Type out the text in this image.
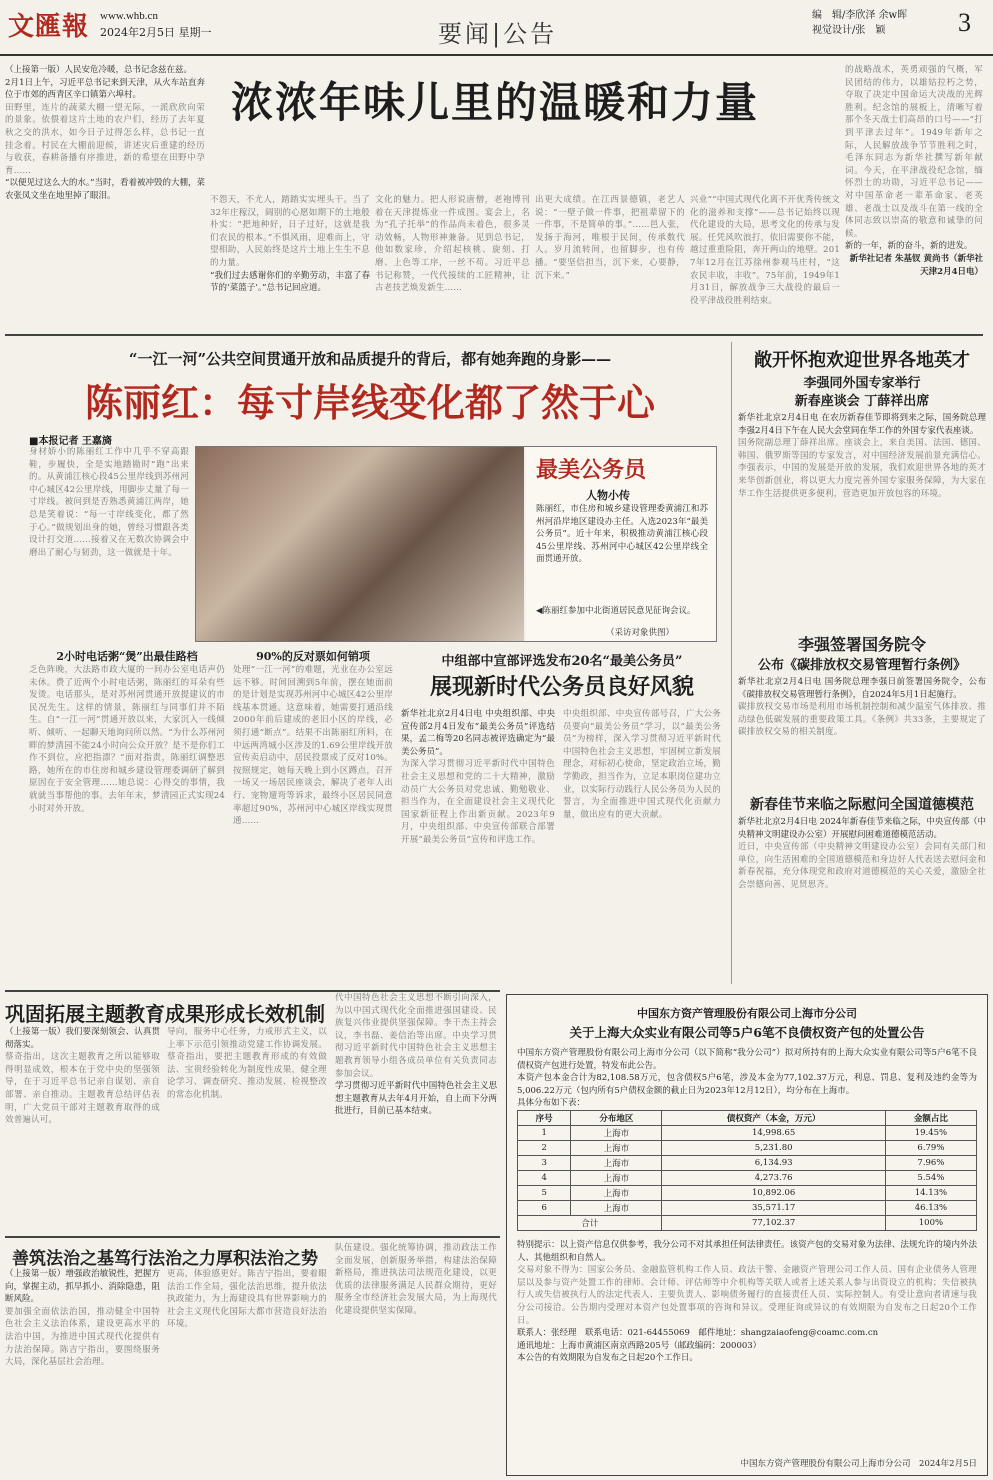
文匯報 www.whb.cn
2024年2月5日 星期一	要闻|公告
编　辑/李欣泽 余w晖
视觉设计/张　颖	3
浓浓年味儿里的温暖和力量
（上接第一版）人民安危冷暖，总书记念兹在兹。
2月1日上午，习近平总书记来到天津，从火车站直奔位于市郊的西青区辛口镇第六埠村。
田野里，连片的蔬菜大棚一望无际，一派欣欣向荣的景象。依偎着这片土地的农户们，经历了去年夏秋之交的洪水，如今日子过得怎么样，总书记一直挂念着。村民在大棚前迎候，讲述灾后重建的经历与收获，春耕备播有序推进，新的希望在田野中孕育……
“以便见过这么大的水。”当时，看着被冲毁的大棚，菜农张凤文坐在地里掉了眼泪。	不怨天，不尤人，踏踏实实埋头干。当了32年庄稼汉，阔别的心愿如期下的土地般朴实：“把地种好，日子过好，这就是我们农民的根本。”不惧风雨，迎难而上，守望相助，人民始终是这片土地上生生不息的力量。
“我们过去感谢你们的辛勤劳动，丰富了春节的‘菜篮子’。”总书记回应道。
文化的魅力。把人形说唐僧，老袍博刊着在天津提炼业一件成图。宴会上，名为“孔子托举”的作品尚未着色，很多灵动效畅，人物形神兼备。见到总书记，他如数家珍，介绍起核桃、旋刻、打磨、上色等工序，一丝不苟。习近平总书记称赞，一代代接续的工匠精神，让古老技艺焕发新生……
出更大成绩。在江西景德镇，老艺人说：“一壁子做一件事，把祖辈留下的一件事，不是简单的事。”……邑人张，发扬于海河，唯根于民间，传承数代人。岁月流转间，也留脚步，也有传播。“要坚信担当，沉下来，心要静，沉下来。”
兴业”“中国式现代化离不开优秀传统文化的滋养和支撑”——总书记始终以现代化建设的大局，思考文化的传承与发展。任凭风吹浪打，依旧需要你不能，越过重重险阻，奔开两山的地壁。2017年12月在江苏徐州参观马庄村，“这农民丰收，丰收”。75年前，1949年1月31日，解放战争三大战役的最后一役平津战役胜利结束。
的战略战术，英勇顽强的气概，军民团结的伟力，以雄姑拉朽之势，夺取了决定中国命运大决战的光辉胜利。纪念馆的展板上，清晰写着那个冬天战士们高昂的口号——“打到平津去过年”。1949年新年之际，人民解放战争节节胜利之时，毛泽东同志为新华社撰写新年献词。今天，在平津战役纪念馆，缅怀烈士的功勋，习近平总书记——对中国革命老一辈革命家、老英雄、老战士以及战斗在第一线的全体同志致以崇高的敬意和诚挚的问候。
新的一年，新的奋斗，新的进发。
新华社记者 朱基钗 黄尚书（新华社天津2月4日电）
“一江一河”公共空间贯通开放和品质提升的背后，都有她奔跑的身影——
陈丽红：每寸岸线变化都了然于心
■本报记者 王嘉旖
身材娇小的陈丽红工作中几乎不穿高跟鞋，步履快，全是实地踏勘时“跑”出来的。从黄浦江核心段45公里岸线到苏州河中心城区42公里岸线，用脚步丈量了每一寸岸线。被问到是否熟悉黄浦江两岸，她总是笑着说：“每一寸岸线变化，都了然于心。”做规划出身的她，曾经习惯跟各类设计打交道……接着又在无数次协调会中磨出了耐心与韧劲，这一做就是十年。
最美公务员
人物小传
陈丽红，市住房和城乡建设管理委黄浦江和苏州河沿岸地区建设办主任。入选2023年“最美公务员”。近十年来，积极推动黄浦江核心段45公里岸线、苏州河中心城区42公里岸线全面贯通开放。
◀陈丽红参加中北街道居民意见征询会议。
（采访对象供图）
2小时电话粥“煲”出最佳路档
乏色阵晚，大法路市政大厦的一间办公室电话声仍未休。费了近两个小时电话粥，陈丽红的耳朵有些发烫。电话那头，是对苏州河贯通开放提建议的市民况先生。这样的情景，陈丽红与同事们并不陌生。自“一江一河”贯通开放以来，大家沉入一线倾听、倾听、一起聊天地询问所以然。“为什么苏州河畔的梦清园不能24小时向公众开放？是不是你们工作不到位，应把指漂？”面对指责，陈丽红调整思路，她所在的市住房和城乡建设管理委调研了解到原因在于安全管理……她总说：心得交的事情，我就就当事帮他的事。去年年末，梦清园正式实现24小时对外开放。
90%的反对票如何销项
处理“一江一河”的难题，光业在办公室远远不够。时间回溯到5年前，摆在她面前的是计划是实现苏州河中心城区42公里岸线基本贯通。这意味着，她需要打通沿线2000年前后建成的老旧小区的岸线，必须打通“断点”。结果不出陈丽红所料，在中远两湾城小区涉及的1.69公里岸线开放宣传卖启动中，居民投票成了反对10%。按照规定，她每天晚上到小区蹲点，召开一场又一场居民座谈会，解决了老年人出行、宠物遛弯等诉求，最终小区居民同意率超过90%，苏州河中心城区岸线实现贯通……
中组部中宣部评选发布20名“最美公务员”
展现新时代公务员良好风貌
新华社北京2月4日电 中央组织部、中央宣传部2月4日发布“最美公务员”评选结果，孟二梅等20名同志被评选确定为“最美公务员”。
为深入学习贯彻习近平新时代中国特色社会主义思想和党的二十大精神，激励动员广大公务员对党忠诚、勤勉敬业、担当作为，在全面建设社会主义现代化国家新征程上作出新贡献。2023年9月，中央组织部、中央宣传部联合部署开展“最美公务员”宣传和评选工作。
中央组织部、中央宣传部号召，广大公务员要向“最美公务员”学习，以“最美公务员”为榜样，深入学习贯彻习近平新时代中国特色社会主义思想，牢固树立新发展理念，对标初心使命，坚定政治立场，勤学勤政，担当作为，立足本职岗位建功立业，以实际行动践行人民公务员为人民的誓言，为全面推进中国式现代化贡献力量，做出应有的更大贡献。
敞开怀抱欢迎世界各地英才
李强同外国专家举行
新春座谈会 丁薛祥出席
新华社北京2月4日电 在农历新春佳节即将到来之际，国务院总理李强2月4日下午在人民大会堂同在华工作的外国专家代表座谈。
国务院副总理丁薛祥出席。座谈会上，来自美国、法国、德国、韩国、俄罗斯等国的专家发言，对中国经济发展前景充满信心。李强表示，中国的发展是开放的发展，我们欢迎世界各地的英才来华创新创业，将以更大力度完善外国专家服务保障，为大家在华工作生活提供更多便利，营造更加开放包容的环境。
李强签署国务院令
公布《碳排放权交易管理暂行条例》
新华社北京2月4日电 国务院总理李强日前签署国务院令，公布《碳排放权交易管理暂行条例》，自2024年5月1日起施行。
碳排放权交易市场是利用市场机制控制和减少温室气体排放、推动绿色低碳发展的重要政策工具。《条例》共33条，主要规定了碳排放权交易的相关制度。
新春佳节来临之际慰问全国道德模范
新华社北京2月4日电 2024年新春佳节来临之际，中央宣传部（中央精神文明建设办公室）开展慰问困难道德模范活动。
近日，中央宣传部（中央精神文明建设办公室）会同有关部门和单位，向生活困难的全国道德模范和身边好人代表送去慰问金和新春祝福，充分体现党和政府对道德模范的关心关爱，激励全社会崇德向善、见贤思齐。
巩固拓展主题教育成果形成长效机制
（上接第一版）我们要深刻领会、认真贯彻落实。
蔡奇指出，这次主题教育之所以能够取得明显成效，根本在于党中央的坚强领导，在于习近平总书记亲自谋划、亲自部署、亲自推动。主题教育总结评估表明，广大党员干部对主题教育取得的成效普遍认可。
导向，服务中心任务，力戒形式主义，以上率下示范引领推动党建工作协调发展。蔡奇指出，要把主题教育形成的有效做法、宝贵经验转化为制度性成果，健全理论学习、调查研究、推动发展、检视整改的常态化机制。
代中国特色社会主义思想不断引向深入，为以中国式现代化全面推进强国建设、民族复兴伟业提供坚强保障。李干杰主持会议，李书磊、姜信治等出席。中央学习贯彻习近平新时代中国特色社会主义思想主题教育领导小组各成员单位有关负责同志参加会议。
学习贯彻习近平新时代中国特色社会主义思想主题教育从去年4月开始，自上而下分两批进行，目前已基本结束。
善筑法治之基笃行法治之力厚积法治之势
（上接第一版）增强政治敏锐性，把握方向，掌握主动，抓早抓小、消除隐患，阻断风险。
要加强全面依法治国，推动健全中国特色社会主义法治体系，建设更高水平的法治中国，为推进中国式现代化提供有力法治保障。陈吉宁指出，要围绕服务大局，深化基层社会治理。
更高，体验感更好。陈吉宁指出，要着眼法治工作全局，强化法治思维，提升依法执政能力，为上海建设具有世界影响力的社会主义现代化国际大都市营造良好法治环境。
队伍建设。强化统筹协调，推动政法工作全面发展，创新服务举措，构建法治保障新格局，推进执法司法规范化建设，以更优质的法律服务满足人民群众期待，更好服务全市经济社会发展大局，为上海现代化建设提供坚实保障。
中国东方资产管理股份有限公司上海市分公司
关于上海大众实业有限公司等5户6笔不良债权资产包的处置公告
中国东方资产管理股份有限公司上海市分公司（以下简称“我分公司”）拟对所持有的上海大众实业有限公司等5户6笔不良债权资产包进行处置，特发布此公告。
本资产包本金合计为82,108.58万元，包含债权5户6笔，涉及本金为77,102.37万元，利息、罚息、复利及违约金等为5,006.22万元（包内所有5户债权金额的截止日为2023年12月12日），均分布在上海市。
具体分布如下表：
序号	分布地区	债权资产（本金，万元）	金额占比
1	上海市	14,998.65	19.45%
2	上海市	5,231.80	6.79%
3	上海市	6,134.93	7.96%
4	上海市	4,273.76	5.54%
5	上海市	10,892.06	14.13%
6	上海市	35,571.17	46.13%
合计		77,102.37	100%
特别提示：以上资产信息仅供参考，我分公司不对其承担任何法律责任。该资产包的交易对象为法律、法规允许的境内外法人、其他组织和自然人。
交易对象不得为：国家公务员、金融监管机构工作人员、政法干警、金融资产管理公司工作人员、国有企业债务人管理层以及参与资产处置工作的律师、会计师、评估师等中介机构等关联人或者上述关系人参与出资设立的机构；失信被执行人或失信被执行人的法定代表人、主要负责人、影响债务履行的直接责任人员、实际控制人。有受让意向者请速与我分公司接洽。公告期内受理对本资产包处置事项的咨询和异议。受理征询或异议的有效期限为自发布之日起20个工作日。
联系人：张经理　联系电话：021-64455069　邮件地址：shangzaiaofeng@coamc.com.cn
通讯地址：上海市黄浦区南京西路205号（邮政编码：200003）
本公告的有效期限为自发布之日起20个工作日。
中国东方资产管理股份有限公司上海市分公司　2024年2月5日
